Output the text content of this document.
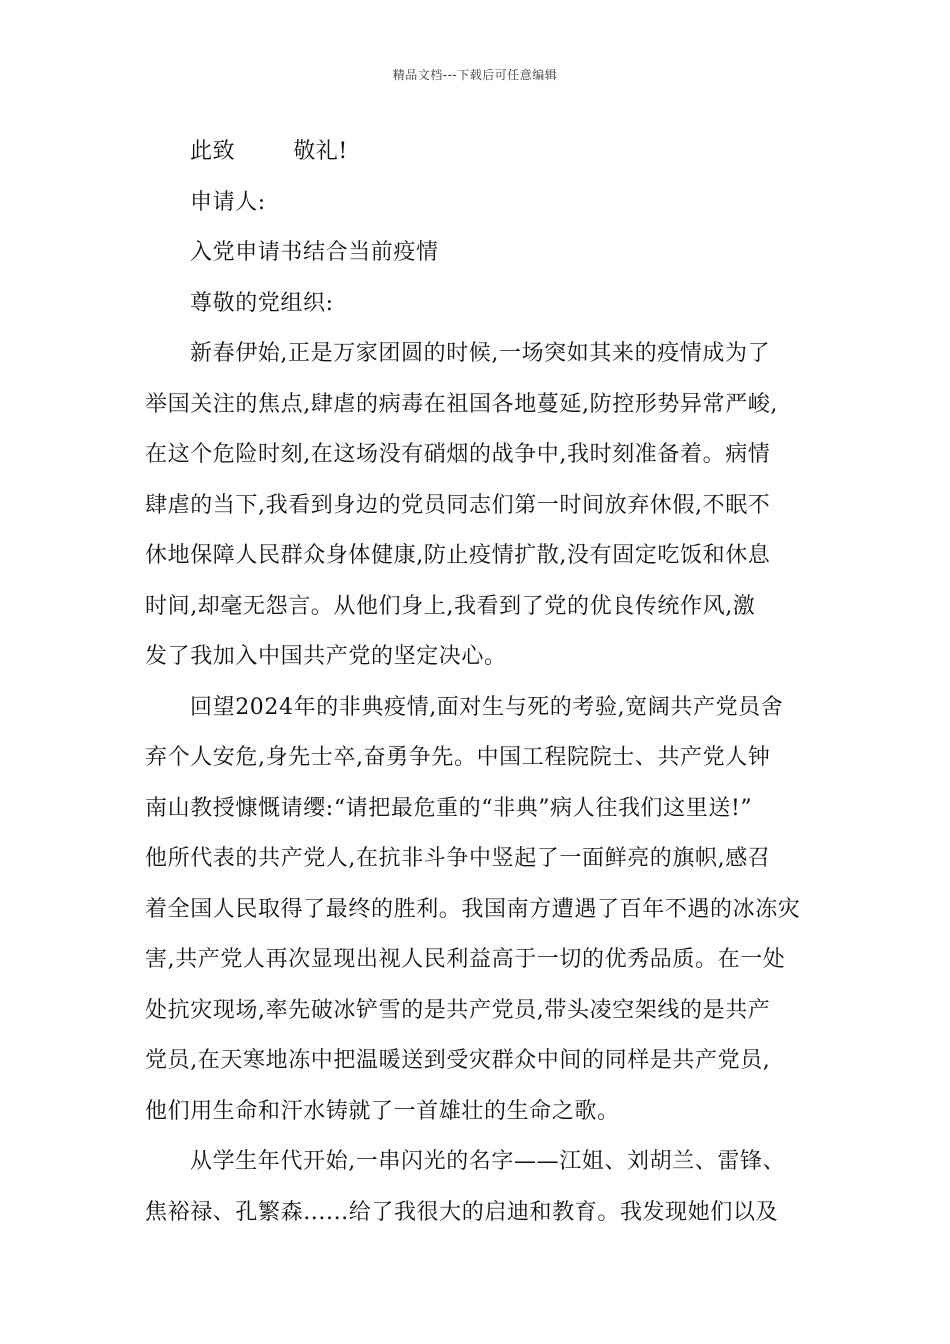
精品文档---下载后可任意编辑
此致	敬礼!
申请人:
入党申请书结合当前疫情
尊敬的党组织:
新春伊始,正是万家团圆的时候,一场突如其来的疫情成为了
举国关注的焦点,肆虐的病毒在祖国各地蔓延,防控形势异常严峻,
在这个危险时刻,在这场没有硝烟的战争中,我时刻准备着。病情
肆虐的当下,我看到身边的党员同志们第一时间放弃休假,不眠不
休地保障人民群众身体健康,防止疫情扩散,没有固定吃饭和休息
时间,却毫无怨言。从他们身上,我看到了党的优良传统作风,激
发了我加入中国共产党的坚定决心。
回望2024年的非典疫情,面对生与死的考验,宽阔共产党员舍
弃个人安危,身先士卒,奋勇争先。中国工程院院士、共产党人钟
南山教授慷慨请缨:“请把最危重的“非典”病人往我们这里送!”
他所代表的共产党人,在抗非斗争中竖起了一面鲜亮的旗帜,感召
着全国人民取得了最终的胜利。我国南方遭遇了百年不遇的冰冻灾
害,共产党人再次显现出视人民利益高于一切的优秀品质。在一处
处抗灾现场,率先破冰铲雪的是共产党员,带头凌空架线的是共产
党员,在天寒地冻中把温暖送到受灾群众中间的同样是共产党员,
他们用生命和汗水铸就了一首雄壮的生命之歌。
从学生年代开始,一串闪光的名字——江姐、刘胡兰、雷锋、
焦裕禄、孔繁森......给了我很大的启迪和教育。我发现她们以及
